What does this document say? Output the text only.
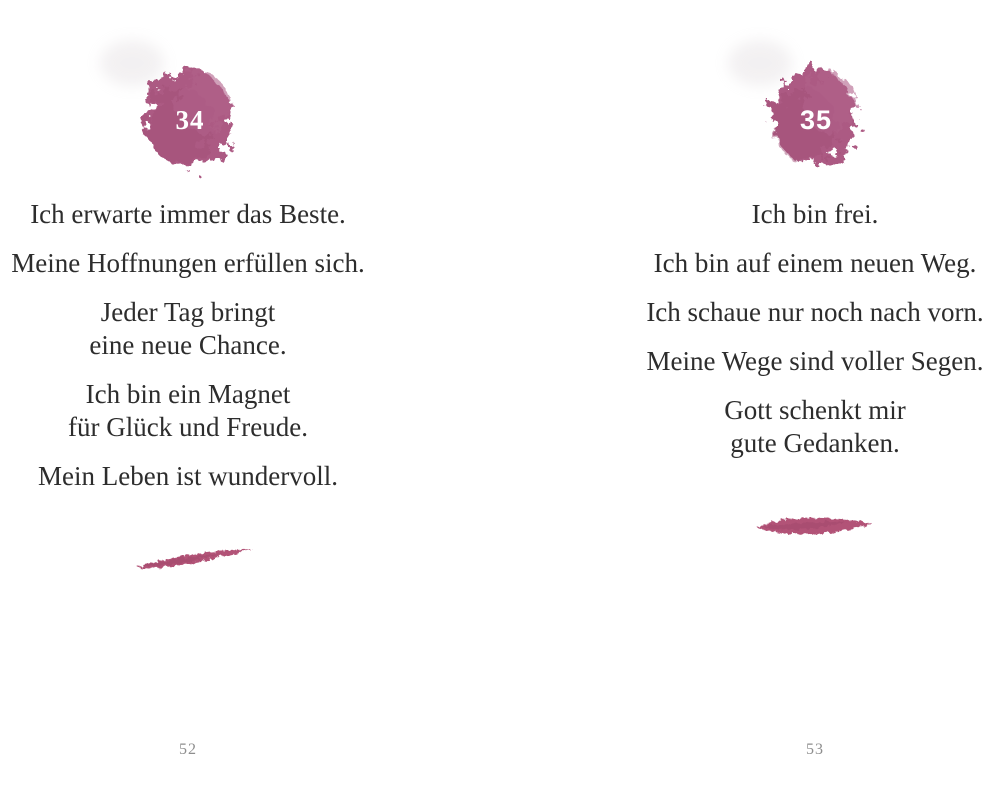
34

Ich erwarte immer das Beste.

Meine Hoffnungen erfüllen sich.

Jeder Tag bringt
eine neue Chance.

Ich bin ein Magnet
für Glück und Freude.

Mein Leben ist wundervoll.

52
35

Ich bin frei.

Ich bin auf einem neuen Weg.

Ich schaue nur noch nach vorn.

Meine Wege sind voller Segen.

Gott schenkt mir
gute Gedanken.

53
